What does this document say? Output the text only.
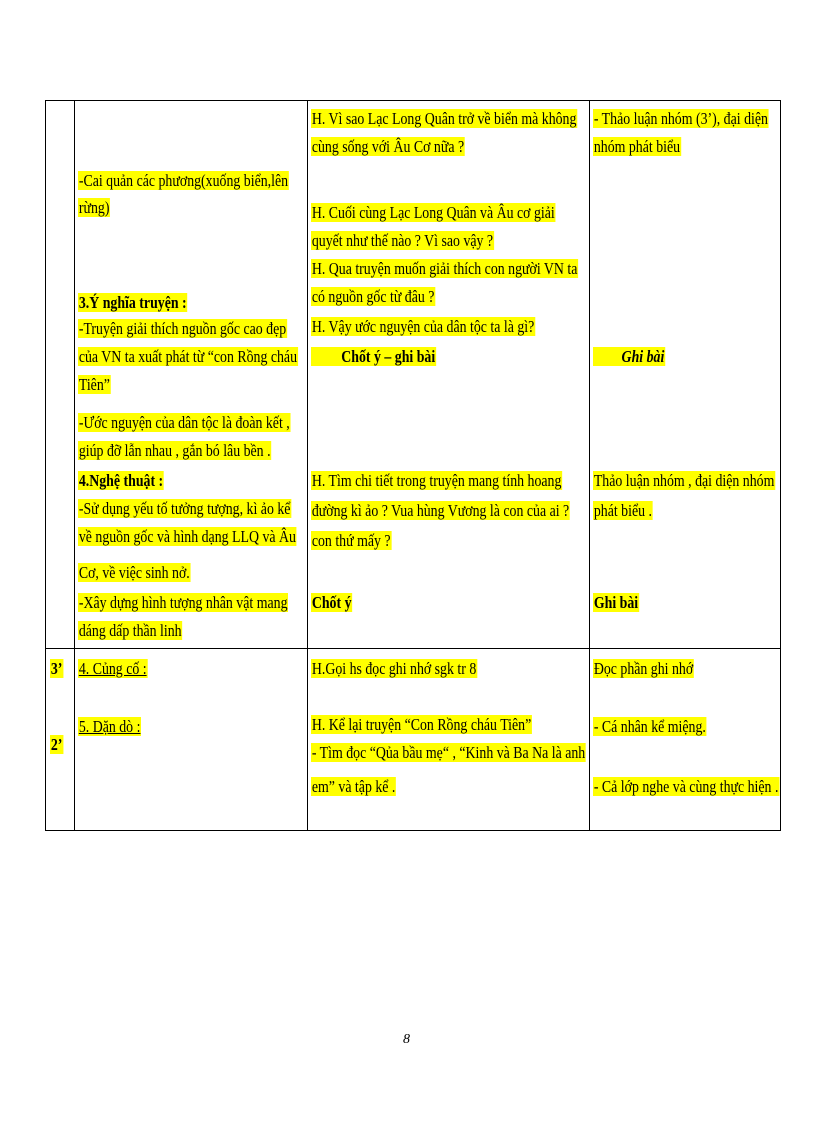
-Cai quản các phương(xuống biển,lên
rừng)
3.Ý nghĩa truyện :
-Truyện giải thích nguồn gốc cao đẹp
của VN ta xuất phát từ “con Rồng cháu
Tiên”
-Ước nguyện của dân tộc là đoàn kết ,
giúp đỡ lẫn nhau , gắn bó lâu bền .
4.Nghệ thuật :
-Sử dụng yếu tố tưởng tượng, kì ảo kể
về nguồn gốc và hình dạng LLQ và Âu
Cơ, về việc sinh nở.
-Xây dựng hình tượng nhân vật mang
dáng dấp thần linh
H. Vì sao Lạc Long Quân trở về biển mà không
cùng sống với Âu Cơ nữa ?
H. Cuối cùng Lạc Long Quân và Âu cơ giải
quyết như thế nào ? Vì sao vậy ?
H. Qua truyện muốn giải thích con người VN ta
có nguồn gốc từ đâu ?
H. Vậy ước nguyện của dân tộc ta là gì?
Chốt ý – ghi bài
H. Tìm chi tiết trong truyện mang tính hoang
đường kì ảo ? Vua hùng Vương là con của ai ?
con thứ mấy ?
Chốt ý
- Thảo luận nhóm (3’), đại diện
nhóm phát biểu
Ghi bài
Thảo luận nhóm , đại diện nhóm
phát biểu .
Ghi bài
3’
2’
4. Củng cố :
5. Dặn dò :
H.Gọi hs đọc ghi nhớ sgk tr 8
H. Kể lại truyện “Con Rồng cháu Tiên”
- Tìm đọc “Qủa bầu mẹ“ , “Kinh và Ba Na là anh
em” và tập kể .
Đọc phần ghi nhớ
- Cá nhân kể miệng.
- Cả lớp nghe và cùng thực hiện .
8
